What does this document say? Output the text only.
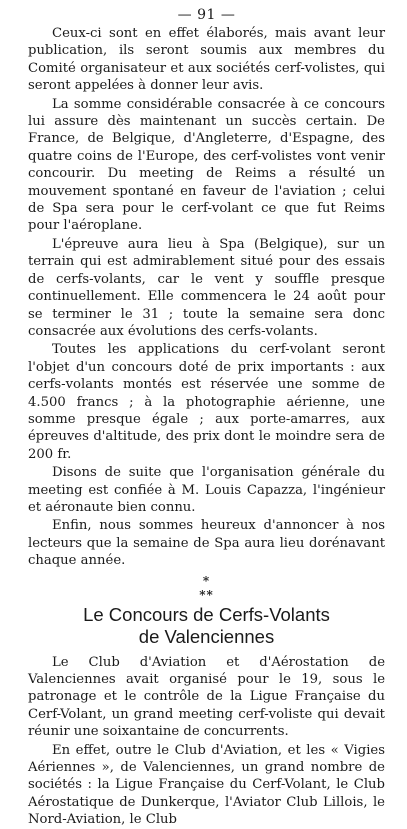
— 91 —

Ceux-ci sont en effet élaborés, mais avant leur publication, ils seront soumis aux membres du Comité organisateur et aux sociétés cerf-volistes, qui seront appelées à donner leur avis.

La somme considérable consacrée à ce concours lui assure dès maintenant un succès certain. De France, de Belgique, d'Angleterre, d'Espagne, des quatre coins de l'Europe, des cerf-volistes vont venir concourir. Du meeting de Reims a résulté un mouvement spontané en faveur de l'aviation ; celui de Spa sera pour le cerf-volant ce que fut Reims pour l'aéroplane.

L'épreuve aura lieu à Spa (Belgique), sur un terrain qui est admirablement situé pour des essais de cerfs-volants, car le vent y souffle presque continuellement. Elle commencera le 24 août pour se terminer le 31 ; toute la semaine sera donc consacrée aux évolutions des cerfs-volants.

Toutes les applications du cerf-volant seront l'objet d'un concours doté de prix importants : aux cerfs-volants montés est réservée une somme de 4.500 francs ; à la photographie aérienne, une somme presque égale ; aux porte-amarres, aux épreuves d'altitude, des prix dont le moindre sera de 200 fr.

Disons de suite que l'organisation générale du meeting est confiée à M. Louis Capazza, l'ingénieur et aéronaute bien connu.

Enfin, nous sommes heureux d'annoncer à nos lecteurs que la semaine de Spa aura lieu dorénavant chaque année.

*
**
Le Concours de Cerfs-Volants
de Valenciennes

Le Club d'Aviation et d'Aérostation de Valenciennes avait organisé pour le 19, sous le patronage et le contrôle de la Ligue Française du Cerf-Volant, un grand meeting cerf-voliste qui devait réunir une soixantaine de concurrents.

En effet, outre le Club d'Aviation, et les « Vigies Aériennes », de Valenciennes, un grand nombre de sociétés : la Ligue Française du Cerf-Volant, le Club Aérostatique de Dunkerque, l'Aviator Club Lillois, le Nord-Aviation, le Club
